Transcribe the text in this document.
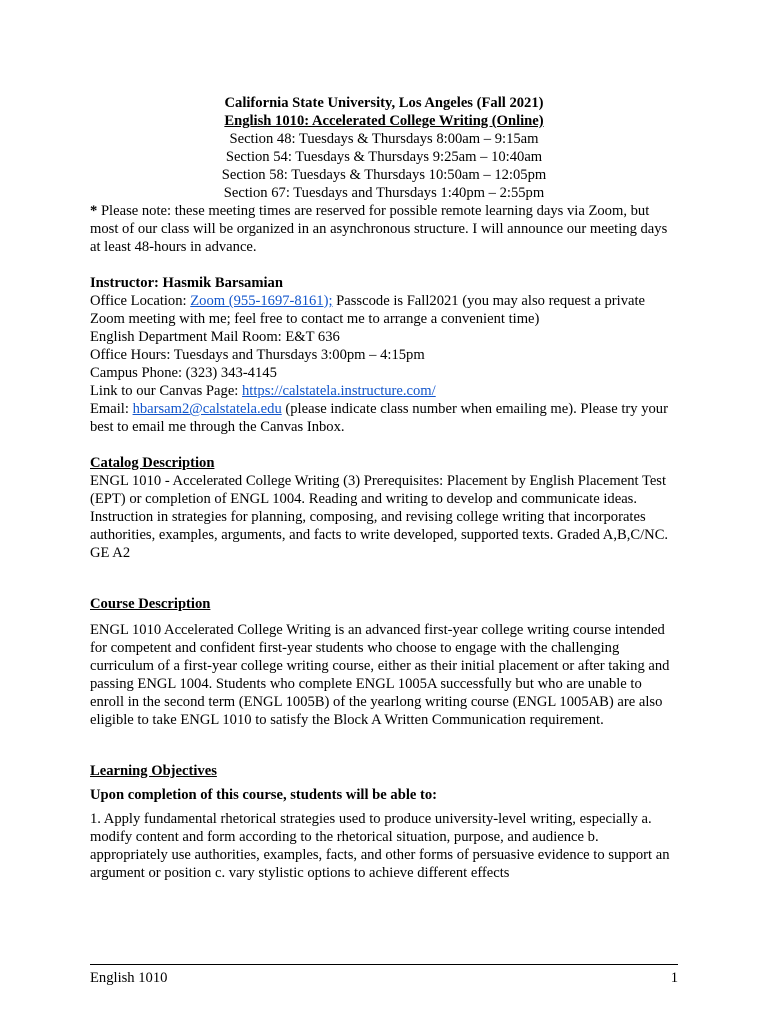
California State University, Los Angeles (Fall 2021)

English 1010: Accelerated College Writing (Online)

Section 48: Tuesdays & Thursdays 8:00am – 9:15am

Section 54: Tuesdays & Thursdays 9:25am – 10:40am

Section 58: Tuesdays & Thursdays 10:50am – 12:05pm

Section 67: Tuesdays and Thursdays 1:40pm – 2:55pm

* Please note: these meeting times are reserved for possible remote learning days via Zoom, but most of our class will be organized in an asynchronous structure. I will announce our meeting days at least 48-hours in advance.

Instructor: Hasmik Barsamian

Office Location: Zoom (955-1697-8161); Passcode is Fall2021 (you may also request a private Zoom meeting with me; feel free to contact me to arrange a convenient time)

English Department Mail Room: E&T 636

Office Hours: Tuesdays and Thursdays 3:00pm – 4:15pm

Campus Phone: (323) 343-4145

Link to our Canvas Page: https://calstatela.instructure.com/

Email: hbarsam2@calstatela.edu (please indicate class number when emailing me). Please try your best to email me through the Canvas Inbox.

Catalog Description

ENGL 1010 - Accelerated College Writing (3) Prerequisites: Placement by English Placement Test (EPT) or completion of ENGL 1004. Reading and writing to develop and communicate ideas. Instruction in strategies for planning, composing, and revising college writing that incorporates authorities, examples, arguments, and facts to write developed, supported texts. Graded A,B,C/NC. GE A2

Course Description

ENGL 1010 Accelerated College Writing is an advanced first-year college writing course intended for competent and confident first-year students who choose to engage with the challenging curriculum of a first-year college writing course, either as their initial placement or after taking and passing ENGL 1004. Students who complete ENGL 1005A successfully but who are unable to enroll in the second term (ENGL 1005B) of the yearlong writing course (ENGL 1005AB) are also eligible to take ENGL 1010 to satisfy the Block A Written Communication requirement.

Learning Objectives

Upon completion of this course, students will be able to:

1. Apply fundamental rhetorical strategies used to produce university-level writing, especially a. modify content and form according to the rhetorical situation, purpose, and audience b. appropriately use authorities, examples, facts, and other forms of persuasive evidence to support an argument or position c. vary stylistic options to achieve different effects

English 1010	1
